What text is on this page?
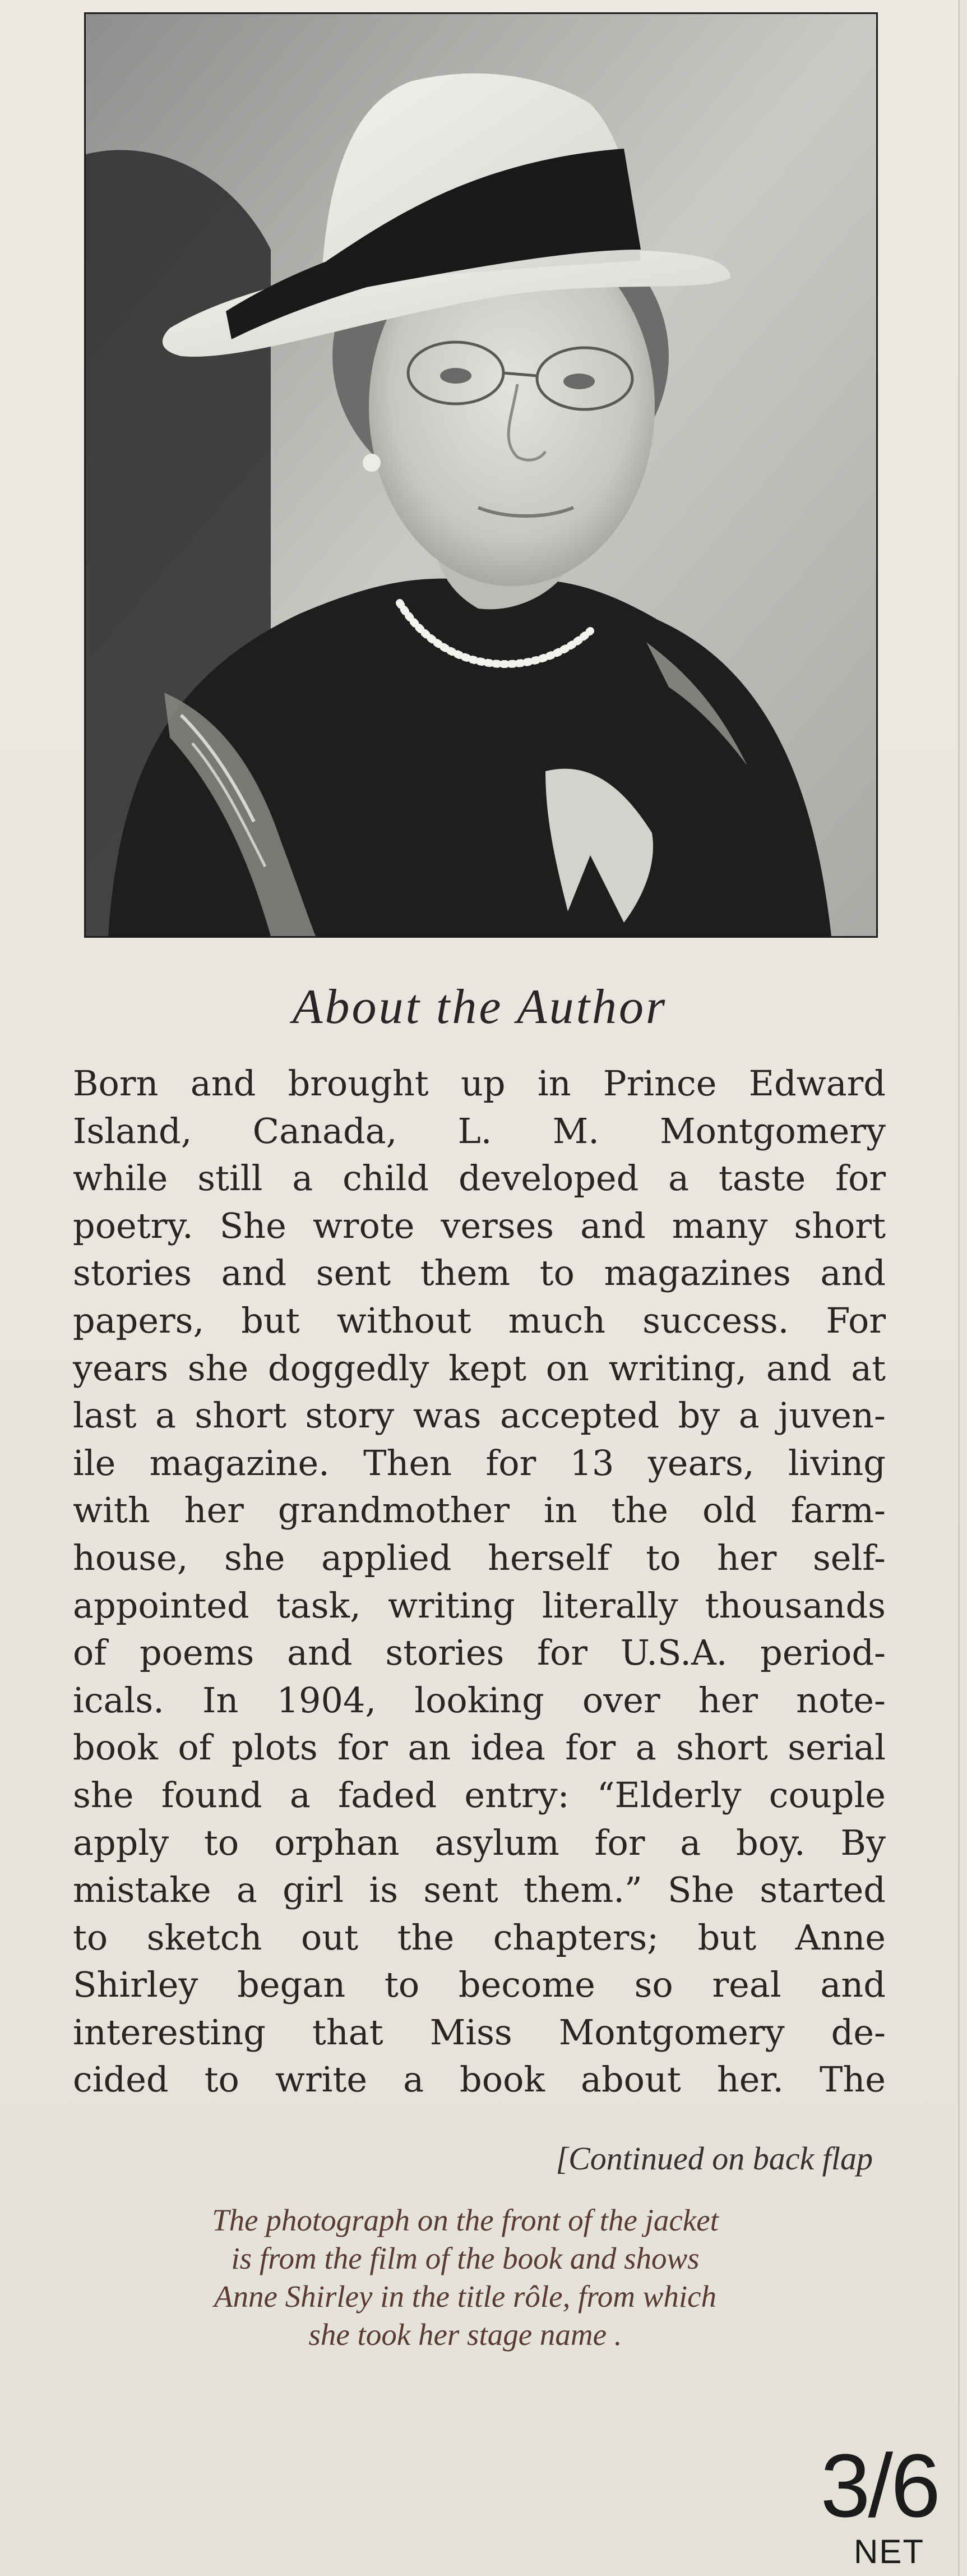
About the Author
Born and brought up in Prince Edward
Island, Canada, L. M. Montgomery
while still a child developed a taste for
poetry. She wrote verses and many short
stories and sent them to magazines and
papers, but without much success. For
years she doggedly kept on writing, and at
last a short story was accepted by a juven-
ile magazine. Then for 13 years, living
with her grandmother in the old farm-
house, she applied herself to her self-
appointed task, writing literally thousands
of poems and stories for U.S.A. period-
icals. In 1904, looking over her note-
book of plots for an idea for a short serial
she found a faded entry: “Elderly couple
apply to orphan asylum for a boy. By
mistake a girl is sent them.” She started
to sketch out the chapters; but Anne
Shirley began to become so real and
interesting that Miss Montgomery de-
cided to write a book about her. The
[Continued on back flap
The photograph on the front of the jacket
is from the film of the book and shows
Anne Shirley in the title rôle, from which
she took her stage name .
3/6
NET
